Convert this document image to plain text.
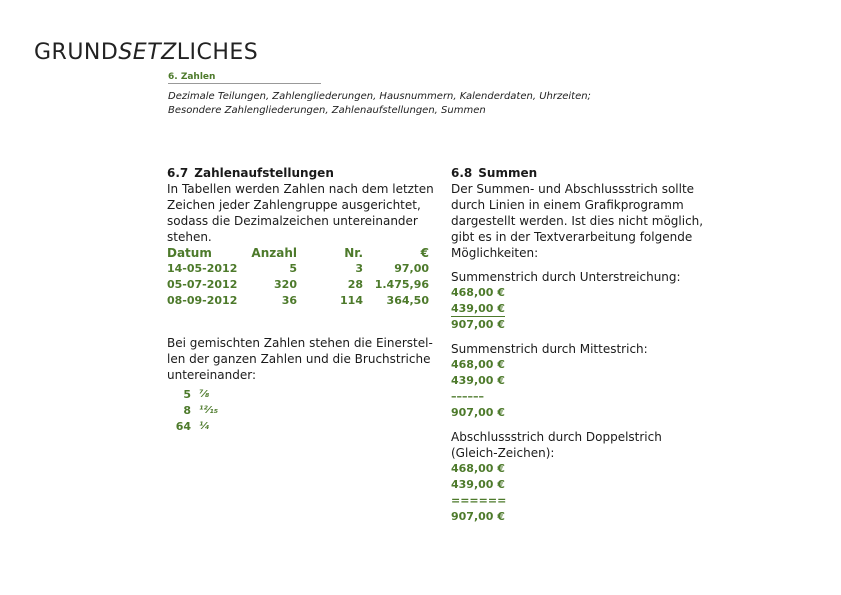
GRUNDSETZLICHES
6. Zahlen
Dezimale Teilungen, Zahlengliederungen, Hausnummern, Kalenderdaten, Uhrzeiten;
Besondere Zahlengliederungen, Zahlenaufstellungen, Summen
6.7 Zahlenaufstellungen
In Tabellen werden Zahlen nach dem letzten
Zeichen jeder Zahlengruppe ausgerichtet,
sodass die Dezimalzeichen untereinander
stehen.
Datum	Anzahl	Nr.	€
14-05-2012	5	3	97,00
05-07-2012	320	28	1.475,96
08-09-2012	36	114	364,50
Bei gemischten Zahlen stehen die Einerstel-
len der ganzen Zahlen und die Bruchstriche
untereinander:
5 ⁷⁄₈
8 ¹²⁄₁₅
64 ¹⁄₄
6.8 Summen
Der Summen- und Abschlussstrich sollte
durch Linien in einem Grafikprogramm
dargestellt werden. Ist dies nicht möglich,
gibt es in der Textverarbeitung folgende
Möglichkeiten:
Summenstrich durch Unterstreichung:
468,00 €
439,00 €
907,00 €
Summenstrich durch Mittestrich:
468,00 €
439,00 €
––––––
907,00 €
Abschlussstrich durch Doppelstrich
(Gleich-Zeichen):
468,00 €
439,00 €
======
907,00 €
